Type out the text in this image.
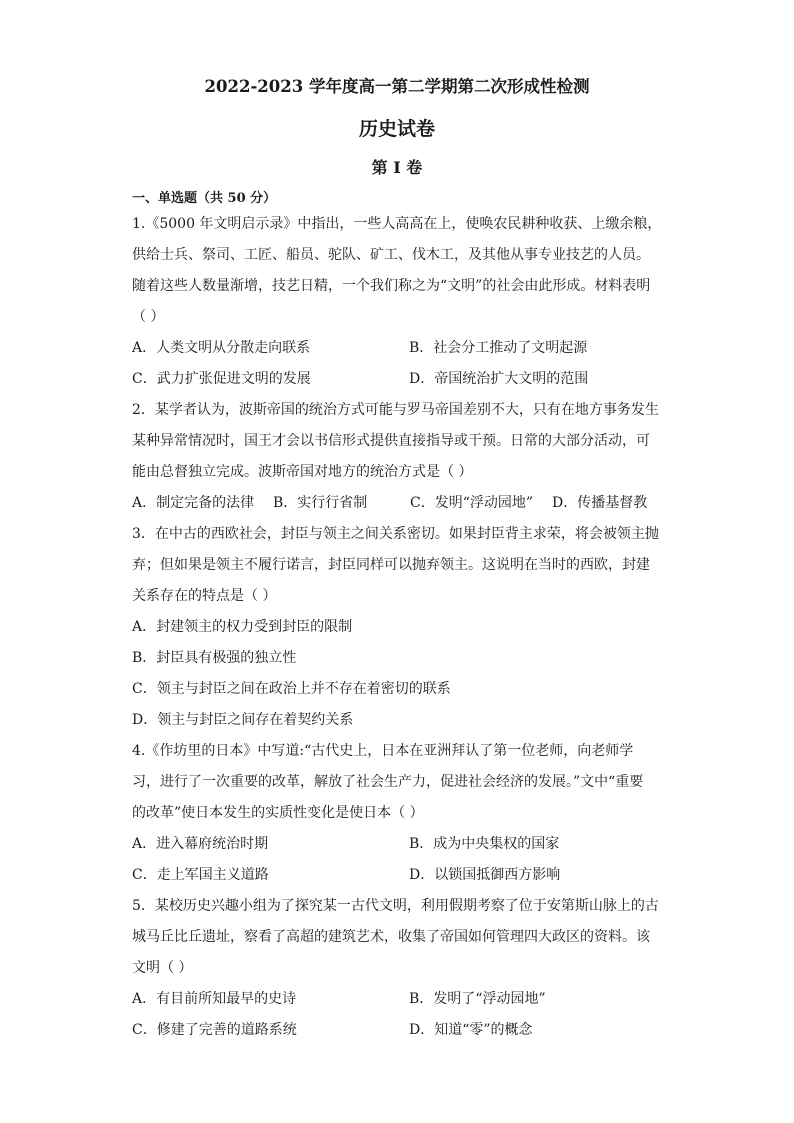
2022-2023 学年度高一第二学期第二次形成性检测
历史试卷
第 I 卷
一、单选题（共 50 分）
1.《5000 年文明启示录》中指出，一些人高高在上，使唤农民耕种收获、上缴余粮，
供给士兵、祭司、工匠、船员、驼队、矿工、伐木工，及其他从事专业技艺的人员。
随着这些人数量渐增，技艺日精，一个我们称之为“文明”的社会由此形成。材料表明
（ ）
A．人类文明从分散走向联系	B．社会分工推动了文明起源
C．武力扩张促进文明的发展	D．帝国统治扩大文明的范围
2．某学者认为，波斯帝国的统治方式可能与罗马帝国差别不大，只有在地方事务发生
某种异常情况时，国王才会以书信形式提供直接指导或干预。日常的大部分活动，可
能由总督独立完成。波斯帝国对地方的统治方式是（ ）
A．制定完备的法律 B．实行行省制	C．发明“浮动园地” D．传播基督教
3．在中古的西欧社会，封臣与领主之间关系密切。如果封臣背主求荣，将会被领主抛
弃；但如果是领主不履行诺言，封臣同样可以抛弃领主。这说明在当时的西欧，封建
关系存在的特点是（ ）
A．封建领主的权力受到封臣的限制
B．封臣具有极强的独立性
C．领主与封臣之间在政治上并不存在着密切的联系
D．领主与封臣之间存在着契约关系
4.《作坊里的日本》中写道:“古代史上，日本在亚洲拜认了第一位老师，向老师学
习，进行了一次重要的改革，解放了社会生产力，促进社会经济的发展。”文中“重要
的改革”使日本发生的实质性变化是使日本（ ）
A．进入幕府统治时期	B．成为中央集权的国家
C．走上军国主义道路	D．以锁国抵御西方影响
5．某校历史兴趣小组为了探究某一古代文明，利用假期考察了位于安第斯山脉上的古
城马丘比丘遗址，察看了高超的建筑艺术，收集了帝国如何管理四大政区的资料。该
文明（ ）
A．有目前所知最早的史诗	B．发明了“浮动园地”
C．修建了完善的道路系统	D．知道“零”的概念
